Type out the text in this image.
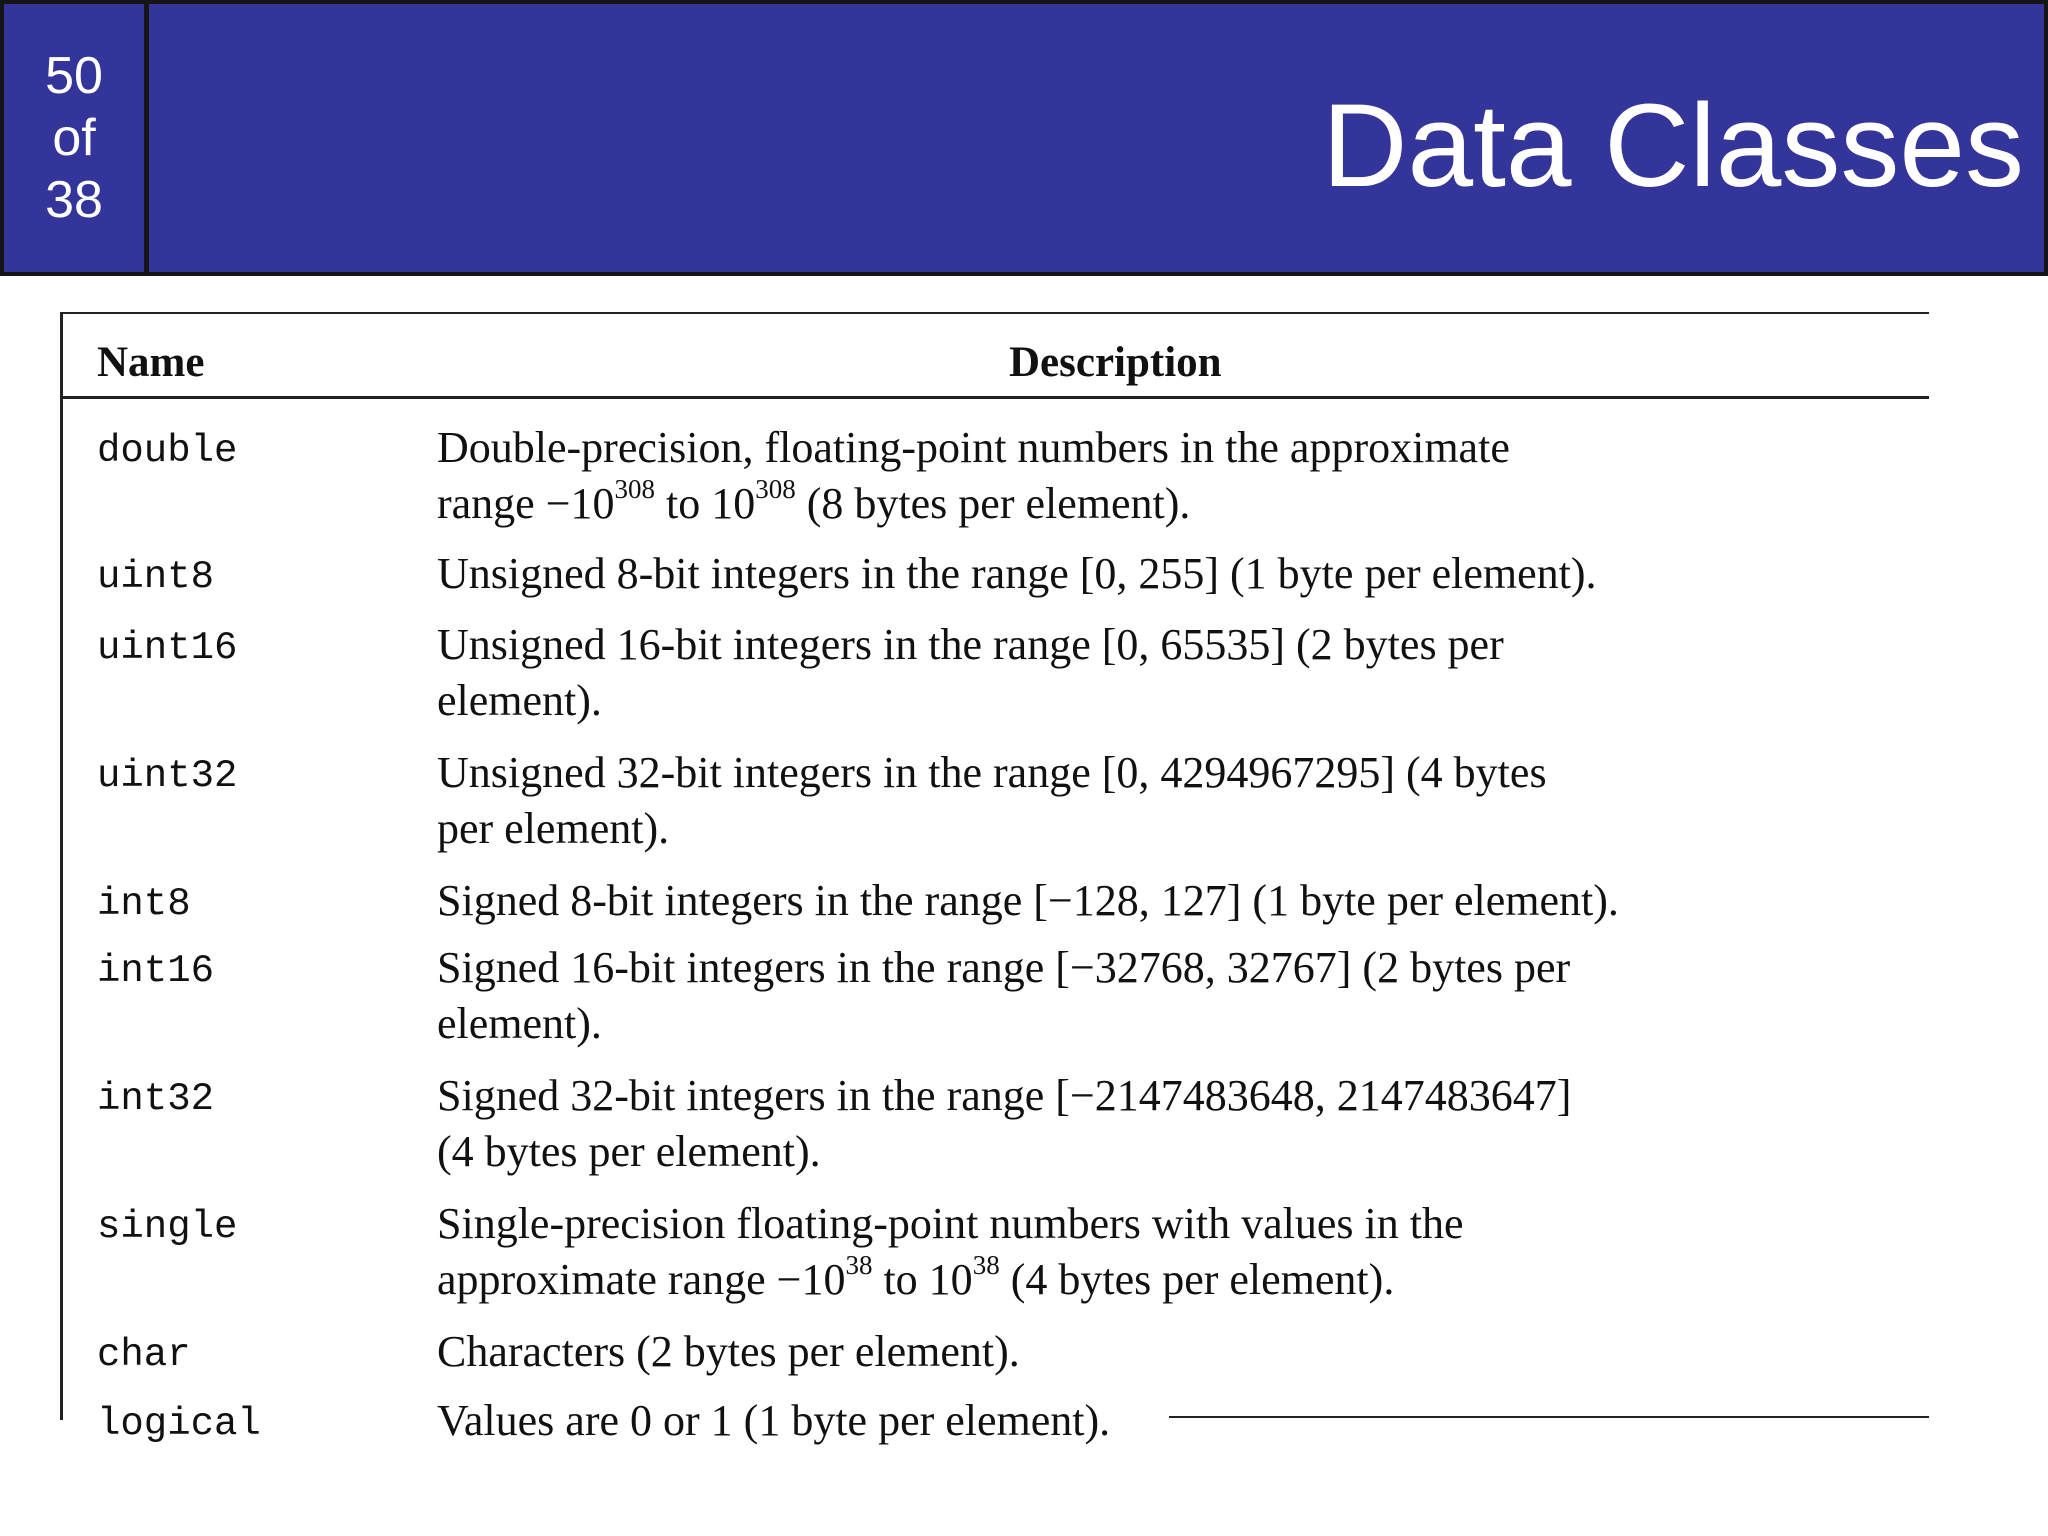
50
of
38	Data Classes
Name	Description
double	Double-precision, floating-point numbers in the approximate
range $-10^{308}$ to $10^{308}$ (8 bytes per element).
uint8	Unsigned 8-bit integers in the range [0, 255] (1 byte per element).
uint16	Unsigned 16-bit integers in the range [0, 65535] (2 bytes per
element).
uint32	Unsigned 32-bit integers in the range [0, 4294967295] (4 bytes
per element).
int8	Signed 8-bit integers in the range [−128, 127] (1 byte per element).
int16	Signed 16-bit integers in the range [−32768, 32767] (2 bytes per
element).
int32	Signed 32-bit integers in the range [−2147483648, 2147483647]
(4 bytes per element).
single	Single-precision floating-point numbers with values in the
approximate range $-10^{38}$ to $10^{38}$ (4 bytes per element).
char	Characters (2 bytes per element).
logical	Values are 0 or 1 (1 byte per element).
